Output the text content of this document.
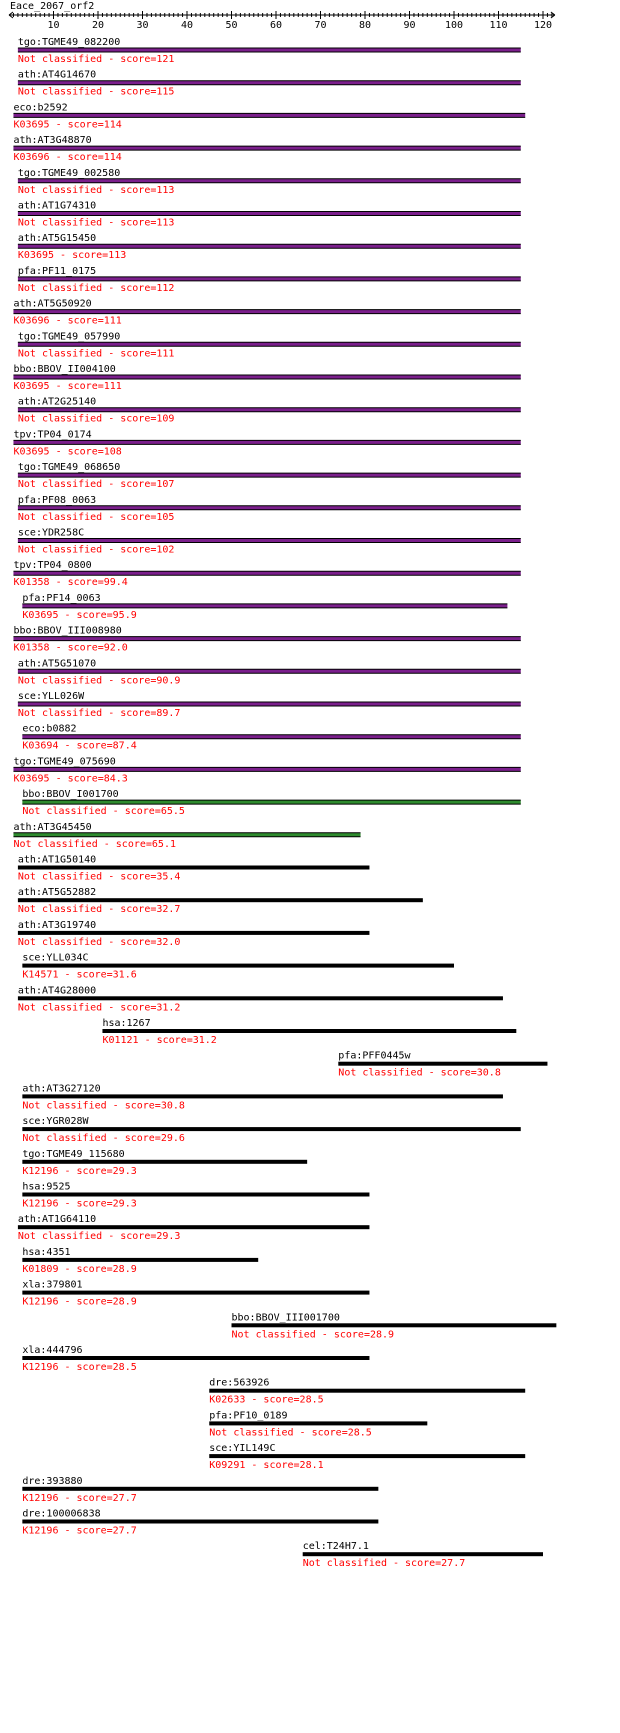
Eace_2067_orf2
10	20	30	40	50	60	70	80	90	100	110	120
tgo:TGME49_082200
Not classified - score=121
ath:AT4G14670
Not classified - score=115
eco:b2592
K03695 - score=114
ath:AT3G48870
K03696 - score=114
tgo:TGME49_002580
Not classified - score=113
ath:AT1G74310
Not classified - score=113
ath:AT5G15450
K03695 - score=113
pfa:PF11_0175
Not classified - score=112
ath:AT5G50920
K03696 - score=111
tgo:TGME49_057990
Not classified - score=111
bbo:BBOV_II004100
K03695 - score=111
ath:AT2G25140
Not classified - score=109
tpv:TP04_0174
K03695 - score=108
tgo:TGME49_068650
Not classified - score=107
pfa:PF08_0063
Not classified - score=105
sce:YDR258C
Not classified - score=102
tpv:TP04_0800
K01358 - score=99.4
pfa:PF14_0063
K03695 - score=95.9
bbo:BBOV_III008980
K01358 - score=92.0
ath:AT5G51070
Not classified - score=90.9
sce:YLL026W
Not classified - score=89.7
eco:b0882
K03694 - score=87.4
tgo:TGME49_075690
K03695 - score=84.3
bbo:BBOV_I001700
Not classified - score=65.5
ath:AT3G45450
Not classified - score=65.1
ath:AT1G50140
Not classified - score=35.4
ath:AT5G52882
Not classified - score=32.7
ath:AT3G19740
Not classified - score=32.0
sce:YLL034C
K14571 - score=31.6
ath:AT4G28000
Not classified - score=31.2
hsa:1267
K01121 - score=31.2
pfa:PFF0445w
Not classified - score=30.8
ath:AT3G27120
Not classified - score=30.8
sce:YGR028W
Not classified - score=29.6
tgo:TGME49_115680
K12196 - score=29.3
hsa:9525
K12196 - score=29.3
ath:AT1G64110
Not classified - score=29.3
hsa:4351
K01809 - score=28.9
xla:379801
K12196 - score=28.9
bbo:BBOV_III001700
Not classified - score=28.9
xla:444796
K12196 - score=28.5
dre:563926
K02633 - score=28.5
pfa:PF10_0189
Not classified - score=28.5
sce:YIL149C
K09291 - score=28.1
dre:393880
K12196 - score=27.7
dre:100006838
K12196 - score=27.7
cel:T24H7.1
Not classified - score=27.7
